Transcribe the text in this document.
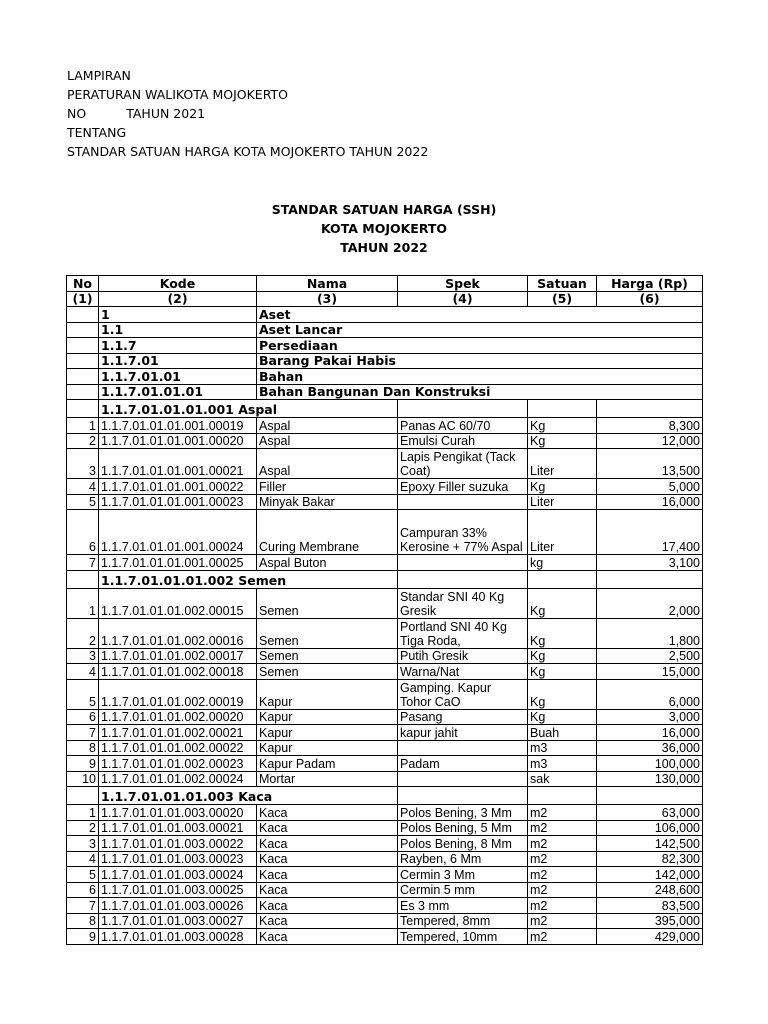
LAMPIRAN
PERATURAN WALIKOTA MOJOKERTO
NO	TAHUN 2021
TENTANG
STANDAR SATUAN HARGA KOTA MOJOKERTO TAHUN 2022
STANDAR SATUAN HARGA (SSH)
KOTA MOJOKERTO
TAHUN 2022
No	Kode	Nama	Spek	Satuan	Harga (Rp)
(1)	(2)	(3)	(4)	(5)	(6)
	1	Aset			
	1.1	Aset Lancar			
	1.1.7	Persediaan			
	1.1.7.01	Barang Pakai Habis			
	1.1.7.01.01	Bahan			
	1.1.7.01.01.01	Bahan Bangunan Dan Konstruksi			
	1.1.7.01.01.01.001 Aspal				
1	1.1.7.01.01.01.001.00019	Aspal	Panas AC 60/70	Kg	8,300
2	1.1.7.01.01.01.001.00020	Aspal	Emulsi Curah	Kg	12,000
3	1.1.7.01.01.01.001.00021	Aspal	Lapis Pengikat (Tack Coat)	Liter	13,500
4	1.1.7.01.01.01.001.00022	Filler	Epoxy Filler suzuka	Kg	5,000
5	1.1.7.01.01.01.001.00023	Minyak Bakar		Liter	16,000
6	1.1.7.01.01.01.001.00024	Curing Membrane	Campuran 33% Kerosine + 77% Aspal	Liter	17,400
7	1.1.7.01.01.01.001.00025	Aspal Buton		kg	3,100
	1.1.7.01.01.01.002 Semen				
1	1.1.7.01.01.01.002.00015	Semen	Standar SNI 40 Kg Gresik	Kg	2,000
2	1.1.7.01.01.01.002.00016	Semen	Portland SNI 40 Kg Tiga Roda,	Kg	1,800
3	1.1.7.01.01.01.002.00017	Semen	Putih Gresik	Kg	2,500
4	1.1.7.01.01.01.002.00018	Semen	Warna/Nat	Kg	15,000
5	1.1.7.01.01.01.002.00019	Kapur	Gamping. Kapur Tohor CaO	Kg	6,000
6	1.1.7.01.01.01.002.00020	Kapur	Pasang	Kg	3,000
7	1.1.7.01.01.01.002.00021	Kapur	kapur jahit	Buah	16,000
8	1.1.7.01.01.01.002.00022	Kapur		m3	36,000
9	1.1.7.01.01.01.002.00023	Kapur Padam	Padam	m3	100,000
10	1.1.7.01.01.01.002.00024	Mortar		sak	130,000
	1.1.7.01.01.01.003 Kaca				
1	1.1.7.01.01.01.003.00020	Kaca	Polos Bening, 3 Mm	m2	63,000
2	1.1.7.01.01.01.003.00021	Kaca	Polos Bening, 5 Mm	m2	106,000
3	1.1.7.01.01.01.003.00022	Kaca	Polos Bening, 8 Mm	m2	142,500
4	1.1.7.01.01.01.003.00023	Kaca	Rayben, 6 Mm	m2	82,300
5	1.1.7.01.01.01.003.00024	Kaca	Cermin 3 Mm	m2	142,000
6	1.1.7.01.01.01.003.00025	Kaca	Cermin 5 mm	m2	248,600
7	1.1.7.01.01.01.003.00026	Kaca	Es 3 mm	m2	83,500
8	1.1.7.01.01.01.003.00027	Kaca	Tempered, 8mm	m2	395,000
9	1.1.7.01.01.01.003.00028	Kaca	Tempered, 10mm	m2	429,000
